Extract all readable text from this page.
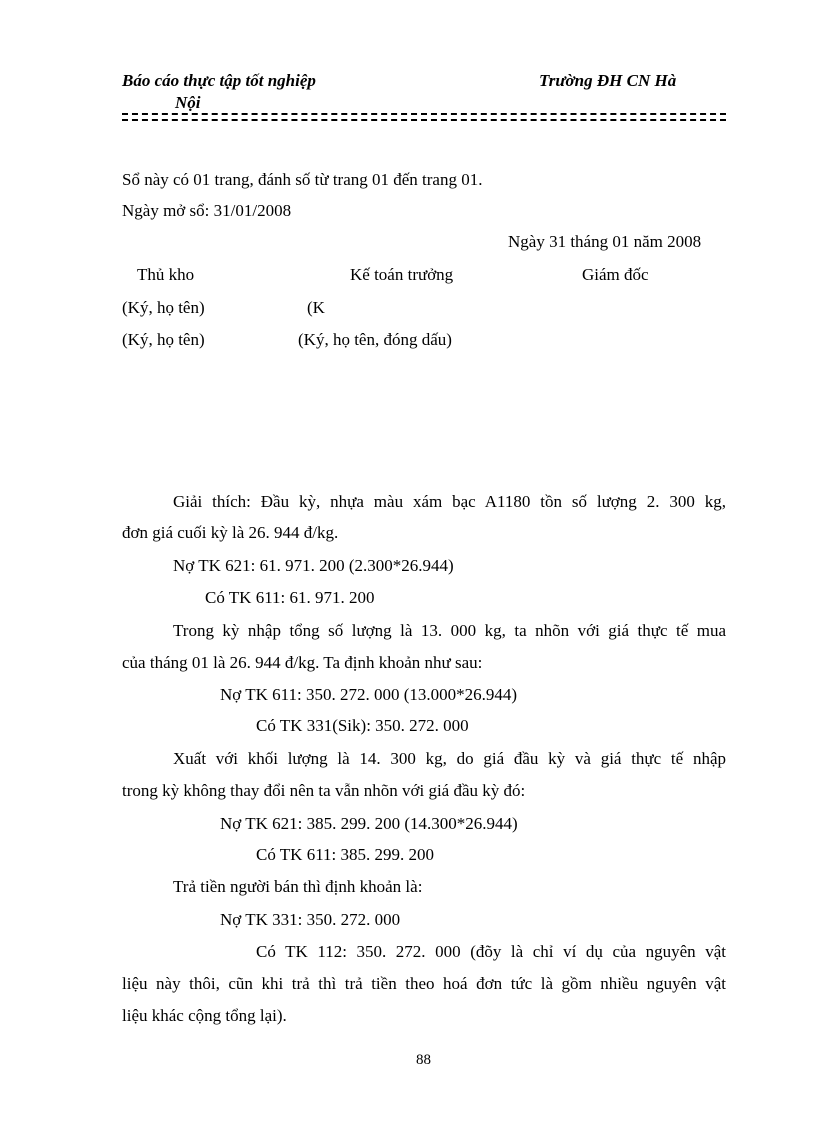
Báo cáo thực tập tốt nghiệp	Trường ĐH CN Hà
Nội
Sổ này có 01 trang, đánh số từ trang 01 đến trang 01.
Ngày mở sổ: 31/01/2008
Ngày 31 tháng 01 năm 2008
Thủ kho	Kế toán trưởng	Giám đốc
(Ký, họ tên)	(K
(Ký, họ tên)	(Ký, họ tên, đóng dấu)
Giải thích: Đầu kỳ, nhựa màu xám bạc A1180 tồn số lượng 2. 300 kg,
đơn giá cuối kỳ là 26. 944 đ/kg.
Nợ TK 621: 61. 971. 200 (2.300*26.944)
Có TK 611: 61. 971. 200
Trong kỳ nhập tổng số lượng là 13. 000 kg, ta nhõn với giá thực tế mua
của tháng 01 là 26. 944 đ/kg. Ta định khoản như sau:
Nợ TK 611: 350. 272. 000 (13.000*26.944)
Có TK 331(Sik): 350. 272. 000
Xuất với khối lượng là 14. 300 kg, do giá đầu kỳ và giá thực tế nhập
trong kỳ không thay đổi nên ta vẫn nhõn với giá đầu kỳ đó:
Nợ TK 621: 385. 299. 200 (14.300*26.944)
Có TK 611: 385. 299. 200
Trả tiền người bán thì định khoản là:
Nợ TK 331: 350. 272. 000
Có TK 112: 350. 272. 000 (đõy là chỉ ví dụ của nguyên vật
liệu này thôi, cũn khi trả thì trả tiền theo hoá đơn tức là gồm nhiều nguyên vật
liệu khác cộng tổng lại).
88
